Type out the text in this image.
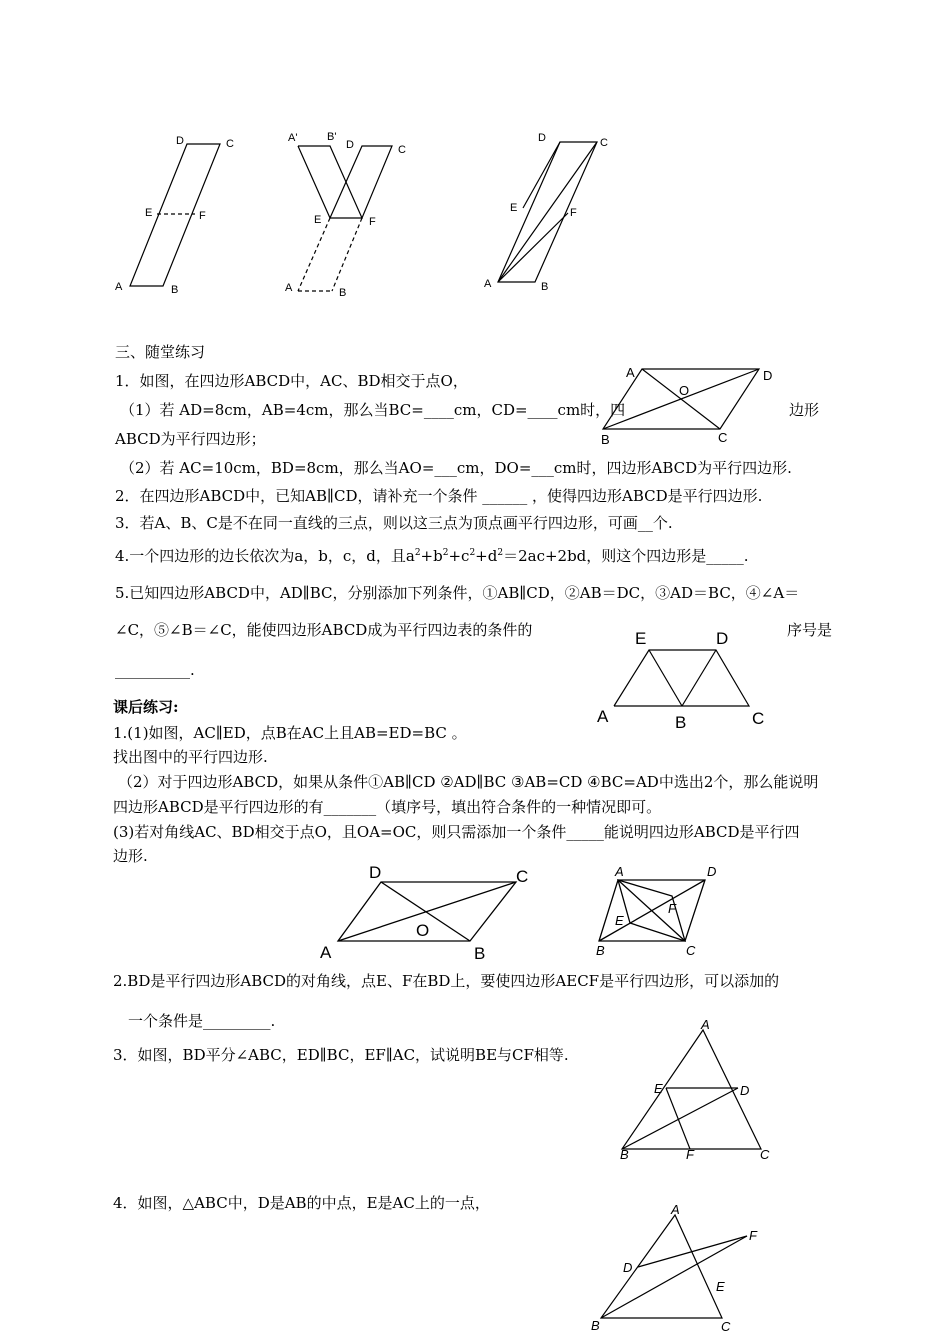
D	C
E	F
A	B
A'	B'
D	C
E	F
A	B
D	C
E	F
A	B
三、随堂练习
1．如图，在四边形ABCD中，AC、BD相交于点O，
（1）若 AD=8cm，AB=4cm，那么当BC=____cm，CD=____cm时，四	边形
ABCD为平行四边形；
（2）若 AC=10cm，BD=8cm，那么当AO=___cm，DO=___cm时，四边形ABCD为平行四边形.
2．在四边形ABCD中，已知AB∥CD，请补充一个条件 ______ ，使得四边形ABCD是平行四边形.
3．若A、B、C是不在同一直线的三点，则以这三点为顶点画平行四边形，可画__个.
4.一个四边形的边长依次为a，b，c，d，且$a^2+b^2+c^2+d^2=2ac+2bd$，则这个四边形是_____.
5.已知四边形ABCD中，AD∥BC，分别添加下列条件，①AB∥CD，②AB＝DC，③AD＝BC，④∠A＝
∠C，⑤∠B＝∠C，能使四边形ABCD成为平行四边表的条件的	序号是
__________.
A
O
D
B	C
E	D
A	B	C
课后练习:
1.(1)如图，AC∥ED，点B在AC上且AB=ED=BC 。
找出图中的平行四边形.
（2）对于四边形ABCD，如果从条件①AB∥CD ②AD∥BC ③AB=CD ④BC=AD中选出2个，那么能说明
四边形ABCD是平行四边形的有_______（填序号，填出符合条件的一种情况即可。
(3)若对角线AC、BD相交于点O，且OA=OC，则只需添加一个条件_____能说明四边形ABCD是平行四
边形.
D	C
O
A	B
A	D
E
F
B	C
2.BD是平行四边形ABCD的对角线，点E、F在BD上，要使四边形AECF是平行四边形，可以添加的
一个条件是_________.
3．如图，BD平分∠ABC，ED∥BC，EF∥AC，试说明BE与CF相等.
A
E	D
B	F	C
4．如图，△ABC中，D是AB的中点，E是AC上的一点，	A
F
D
E
B	C
